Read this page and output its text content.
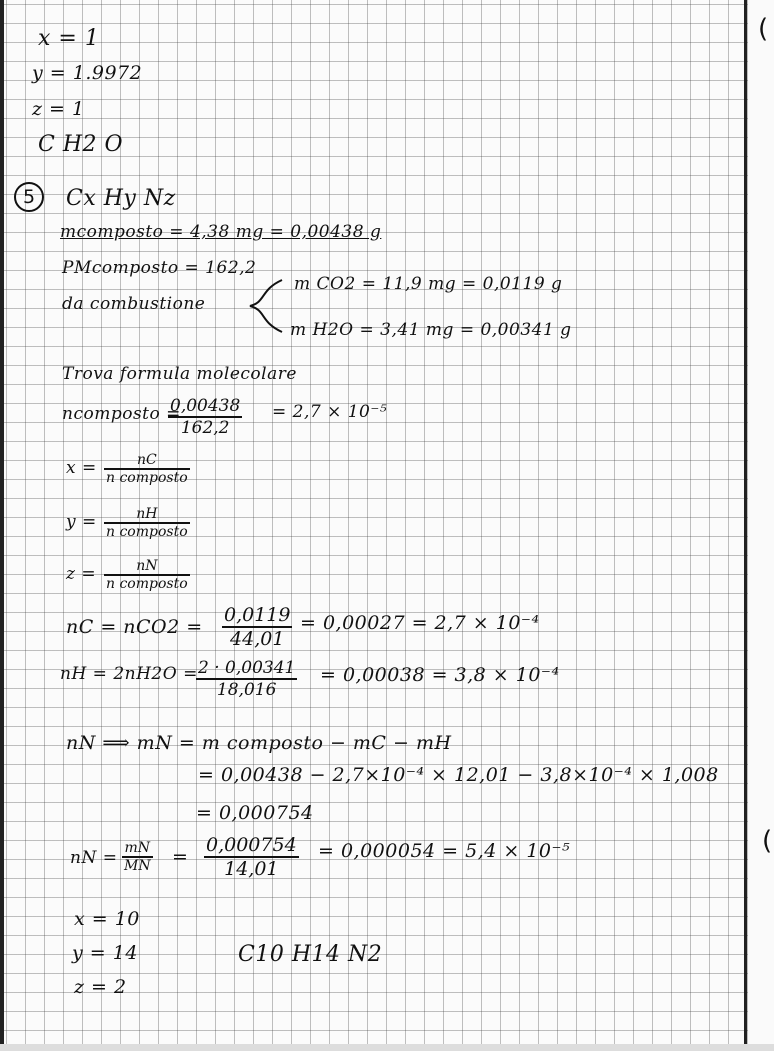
(
(
x = 1
y = 1.9972
z = 1
C H2 O
5	Cx Hy Nz
mcomposto = 4,38 mg = 0,00438 g
PMcomposto = 162,2
da combustione
m CO2 = 11,9 mg = 0,0119 g
m H2O = 3,41 mg = 0,00341 g
Trova formula molecolare
ncomposto =
$\frac{0,00438}{162,2} = 2,7 \times 10^{-5}$
x =	nC
n composto
y =	nH
n composto
z =	nN
n composto
nC = $nCO2 = \frac{0,0119}{44,01} = 0,00027 = 2,7 \times 10^{-4}$
nH = 2nH2O =
$\frac{2 \cdot 0,00341}{18,016} = 0,00038 = 3,8 \times 10^{-4}$
nN ⟹ mN = m composto − mC − mH
= 0,00438 − 2,7×10⁻⁴ × 12,01 − 3,8×10⁻⁴ × 1,008
= 0,000754
nN = $\frac{mN}{MN} = \frac{0,000754}{14,01} = 0,000054 = 5,4 \times 10^{-5}$
x = 10
y = 14
z = 2
C10 H14 N2
